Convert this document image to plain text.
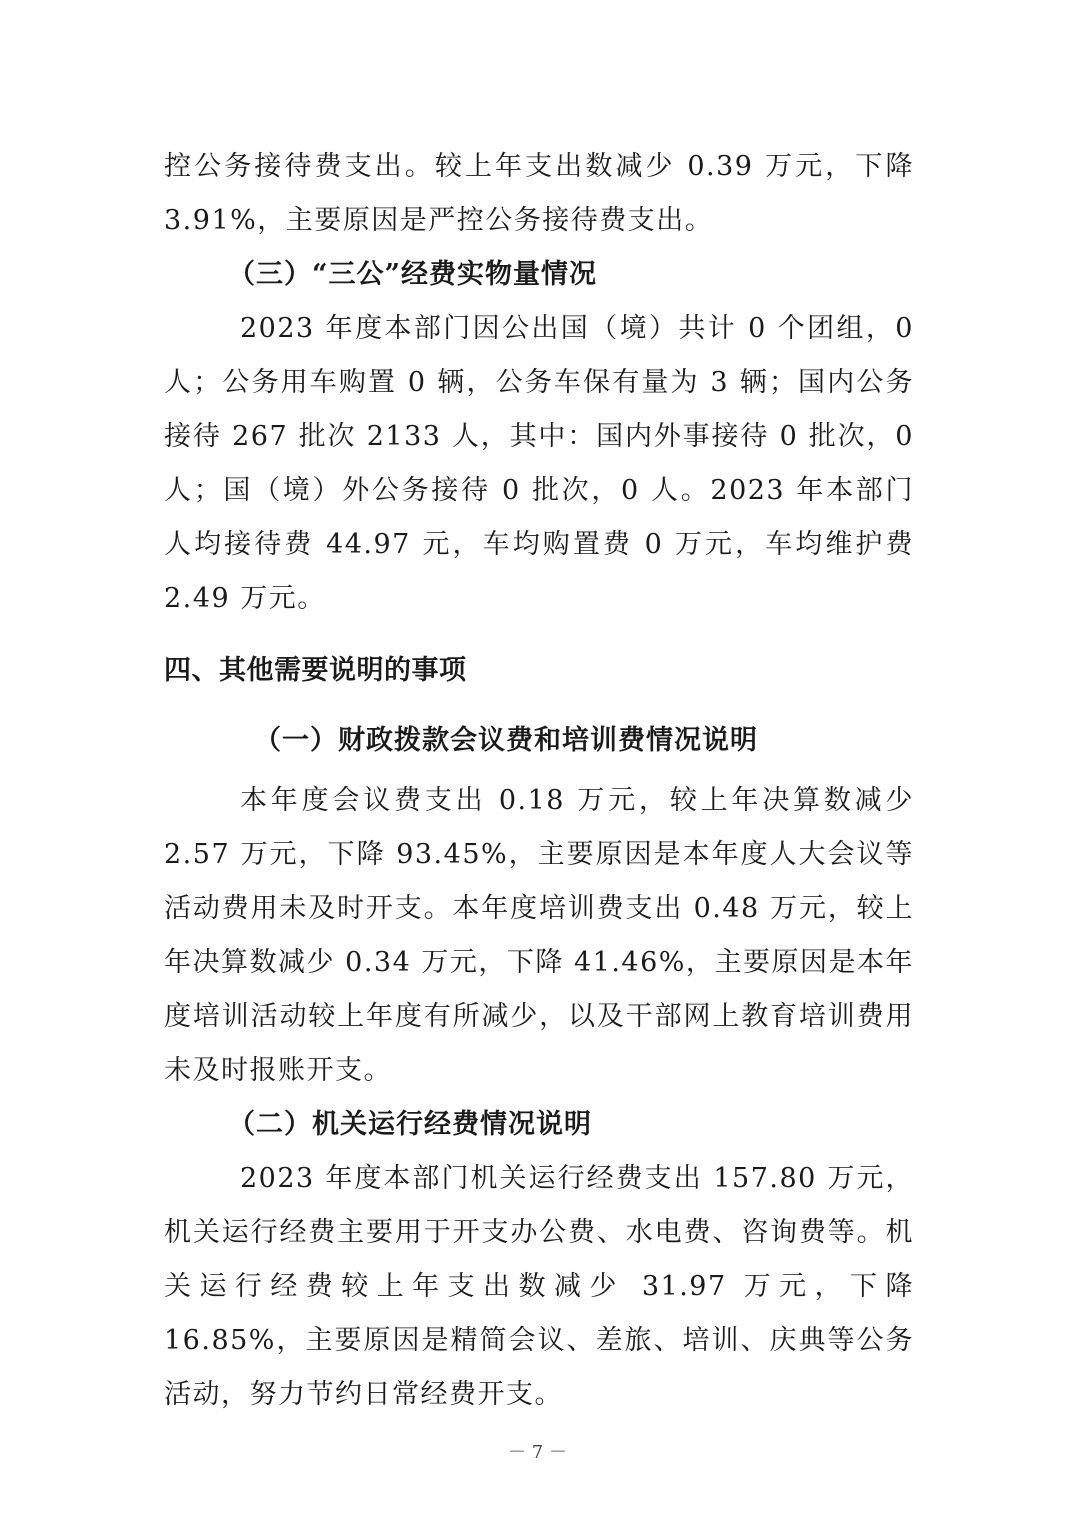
控公务接待费支出。较上年支出数减少 0.39 万元，下降3.91%，主要原因是严控公务接待费支出。

（三）“三公”经费实物量情况

2023 年度本部门因公出国（境）共计 0 个团组，0 人；公务用车购置 0 辆，公务车保有量为 3 辆；国内公务接待 267 批次 2133 人，其中：国内外事接待 0 批次，0 人；国（境）外公务接待 0 批次，0 人。2023 年本部门人均接待费 44.97 元，车均购置费 0 万元，车均维护费 2.49 万元。

四、其他需要说明的事项

（一）财政拨款会议费和培训费情况说明

本年度会议费支出 0.18 万元，较上年决算数减少 2.57 万元，下降 93.45%，主要原因是本年度人大会议等活动费用未及时开支。本年度培训费支出 0.48 万元，较上年决算数减少 0.34 万元，下降 41.46%，主要原因是本年度培训活动较上年度有所减少，以及干部网上教育培训费用未及时报账开支。

（二）机关运行经费情况说明

2023 年度本部门机关运行经费支出 157.80 万元，机关运行经费主要用于开支办公费、水电费、咨询费等。机关运行经费较上年支出数减少 31.97 万元，下降 16.85%，主要原因是精简会议、差旅、培训、庆典等公务活动，努力节约日常经费开支。

－ 7 －
